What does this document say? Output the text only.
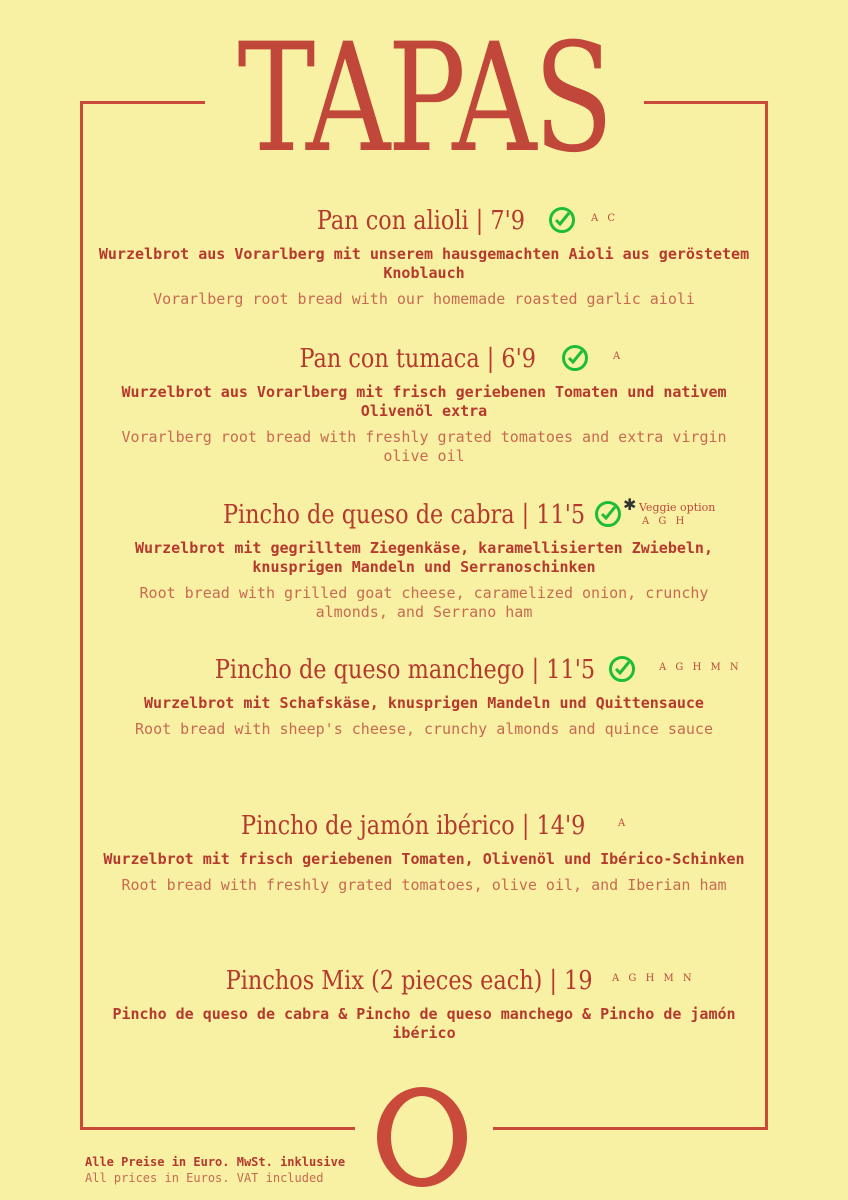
TAPAS
Pan con alioli | 7'9	A C
Wurzelbrot aus Vorarlberg mit unserem hausgemachten Aioli aus geröstetem Knoblauch
Vorarlberg root bread with our homemade roasted garlic aioli
Pan con tumaca | 6'9	A
Wurzelbrot aus Vorarlberg mit frisch geriebenen Tomaten und nativem Olivenöl extra
Vorarlberg root bread with freshly grated tomatoes and extra virgin olive oil
Pincho de queso de cabra | 11'5 ✱ Veggie option
A G H
Wurzelbrot mit gegrilltem Ziegenkäse, karamellisierten Zwiebeln, knusprigen Mandeln und Serranoschinken
Root bread with grilled goat cheese, caramelized onion, crunchy almonds, and Serrano ham
Pincho de queso manchego | 11'5	A G H M N
Wurzelbrot mit Schafskäse, knusprigen Mandeln und Quittensauce
Root bread with sheep's cheese, crunchy almonds and quince sauce
Pincho de jamón ibérico | 14'9	A
Wurzelbrot mit frisch geriebenen Tomaten, Olivenöl und Ibérico-Schinken
Root bread with freshly grated tomatoes, olive oil, and Iberian ham
Pinchos Mix (2 pieces each) | 19 A G H M N
Pincho de queso de cabra & Pincho de queso manchego & Pincho de jamón ibérico
Alle Preise in Euro. MwSt. inklusive
All prices in Euros. VAT included
